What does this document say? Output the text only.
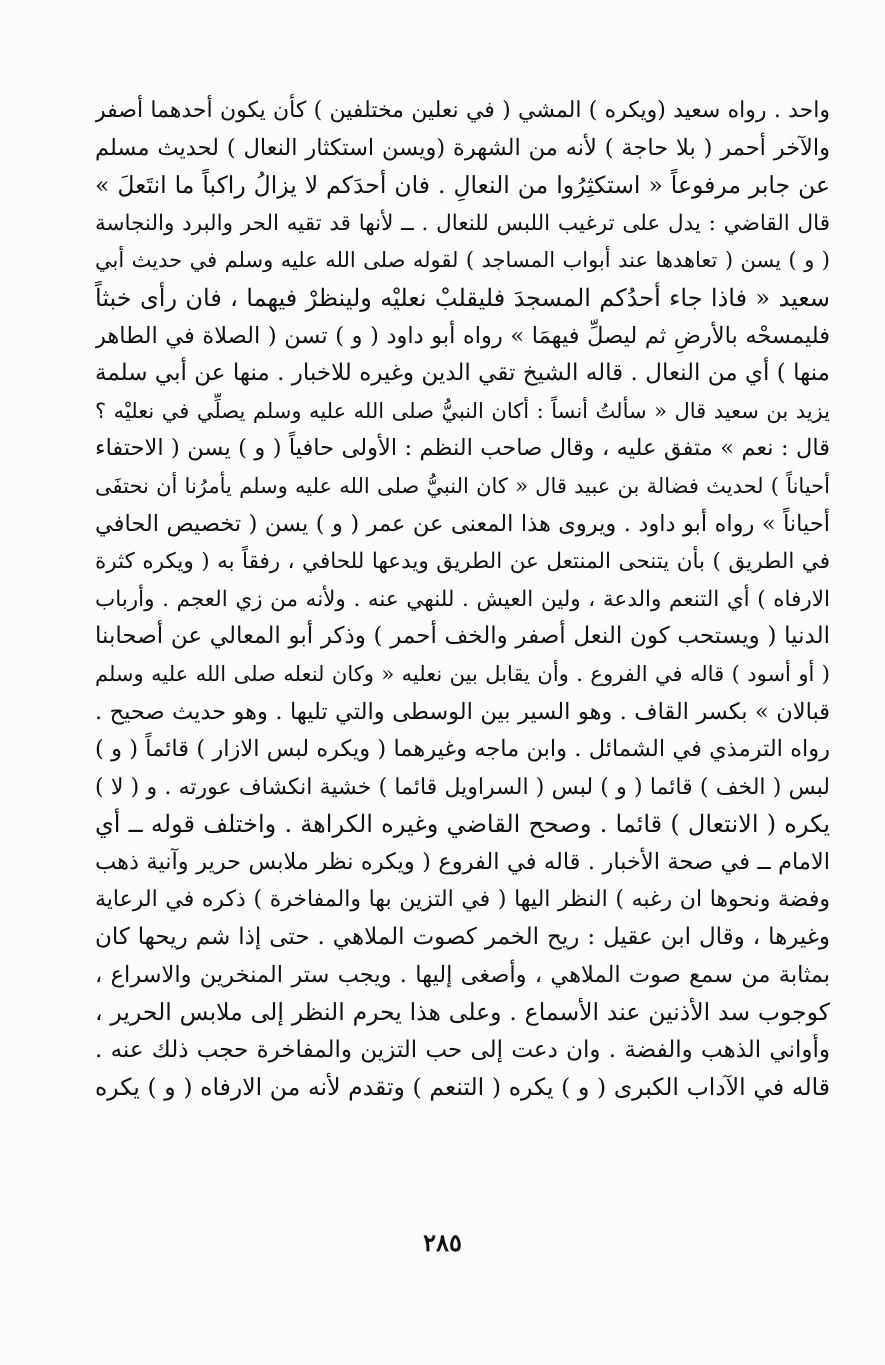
واحد . رواه سعيد (ويكره ) المشي ( في نعلين مختلفين ) كأن يكون أحدهما أصفر
والآخر أحمر ( بلا حاجة ) لأنه من الشهرة (ويسن استكثار النعال ) لحديث مسلم
عن جابر مرفوعاً « استكثِرُوا من النعالِ . فان أحدَكم لا يزالُ راكباً ما انتَعلَ »
قال القاضي : يدل على ترغيب اللبس للنعال . ــ لأنها قد تقيه الحر والبرد والنجاسة
( و ) يسن ( تعاهدها عند أبواب المساجد ) لقوله صلى الله عليه وسلم في حديث أبي
سعيد « فاذا جاء أحدُكم المسجدَ فليقلبْ نعليْه ولينظرْ فيهما ، فان رأى خبثاً
فليمسحْه بالأرضِ ثم ليصلِّ فيهمَا » رواه أبو داود ( و ) تسن ( الصلاة في الطاهر
منها ) أي من النعال . قاله الشيخ تقي الدين وغيره للاخبار . منها عن أبي سلمة
يزيد بن سعيد قال « سألتُ أنساً : أكان النبيُّ صلى الله عليه وسلم يصلِّي في نعليْه ؟
قال : نعم » متفق عليه ، وقال صاحب النظم : الأولى حافياً ( و ) يسن ( الاحتفاء
أحياناً ) لحديث فضالة بن عبيد قال « كان النبيُّ صلى الله عليه وسلم يأمرُنا أن نحتفَى
أحياناً » رواه أبو داود . ويروى هذا المعنى عن عمر ( و ) يسن ( تخصيص الحافي
في الطريق ) بأن يتنحى المنتعل عن الطريق ويدعها للحافي ، رفقاً به ( ويكره كثرة
الارفاه ) أي التنعم والدعة ، ولين العيش . للنهي عنه . ولأنه من زي العجم . وأرباب
الدنيا ( ويستحب كون النعل أصفر والخف أحمر ) وذكر أبو المعالي عن أصحابنا
( أو أسود ) قاله في الفروع . وأن يقابل بين نعليه « وكان لنعله صلى الله عليه وسلم
قبالان » بكسر القاف . وهو السير بين الوسطى والتي تليها . وهو حديث صحيح .
رواه الترمذي في الشمائل . وابن ماجه وغيرهما ( ويكره لبس الازار ) قائماً ( و )
لبس ( الخف ) قائما ( و ) لبس ( السراويل قائما ) خشية انكشاف عورته . و ( لا )
يكره ( الانتعال ) قائما . وصحح القاضي وغيره الكراهة . واختلف قوله ــ أي
الامام ــ في صحة الأخبار . قاله في الفروع ( ويكره نظر ملابس حرير وآنية ذهب
وفضة ونحوها ان رغبه ) النظر اليها ( في التزين بها والمفاخرة ) ذكره في الرعاية
وغيرها ، وقال ابن عقيل : ريح الخمر كصوت الملاهي . حتى إذا شم ريحها كان
بمثابة من سمع صوت الملاهي ، وأصغى إليها . ويجب ستر المنخرين والاسراع ،
كوجوب سد الأذنين عند الأسماع . وعلى هذا يحرم النظر إلى ملابس الحرير ،
وأواني الذهب والفضة . وان دعت إلى حب التزين والمفاخرة حجب ذلك عنه .
قاله في الآداب الكبرى ( و ) يكره ( التنعم ) وتقدم لأنه من الارفاه ( و ) يكره
٢٨٥
